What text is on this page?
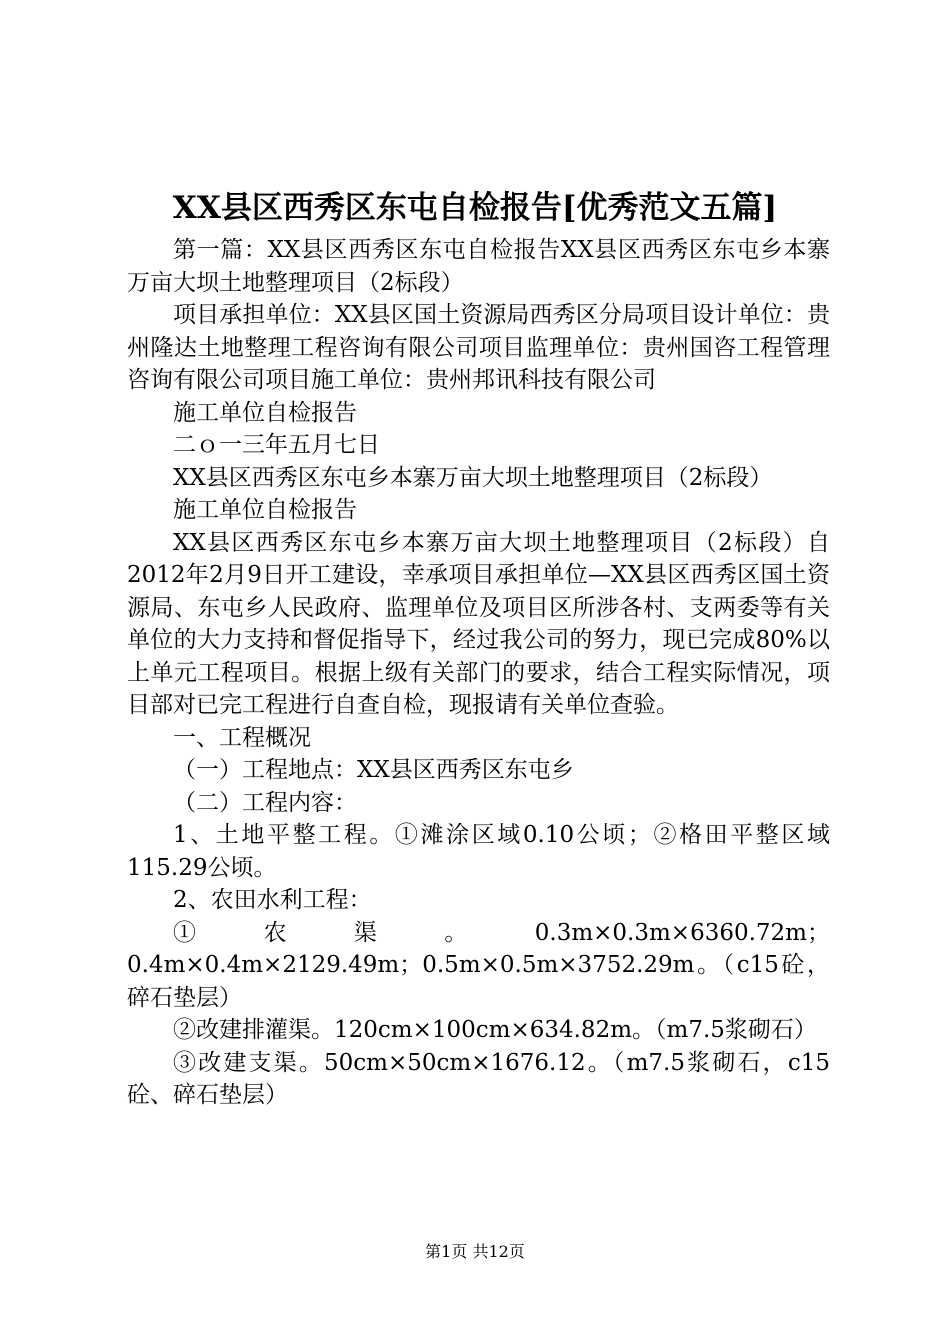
XX县区西秀区东屯自检报告[优秀范文五篇]

第一篇：XX县区西秀区东屯自检报告XX县区西秀区东屯乡本寨万亩大坝土地整理项目（2标段）

项目承担单位：XX县区国土资源局西秀区分局项目设计单位：贵州隆达土地整理工程咨询有限公司项目监理单位：贵州国咨工程管理咨询有限公司项目施工单位：贵州邦讯科技有限公司

施工单位自检报告

二ｏ一三年五月七日

XX县区西秀区东屯乡本寨万亩大坝土地整理项目（2标段）

施工单位自检报告

XX县区西秀区东屯乡本寨万亩大坝土地整理项目（2标段）自2012年2月9日开工建设，幸承项目承担单位—XX县区西秀区国土资源局、东屯乡人民政府、监理单位及项目区所涉各村、支两委等有关单位的大力支持和督促指导下，经过我公司的努力，现已完成80%以上单元工程项目。根据上级有关部门的要求，结合工程实际情况，项目部对已完工程进行自查自检，现报请有关单位查验。

一、工程概况

（一）工程地点：XX县区西秀区东屯乡

（二）工程内容：

1、土地平整工程。①滩涂区域0.10公顷；②格田平整区域115.29公顷。

2、农田水利工程：

①农渠。0.3m×0.3m×6360.72m；0.4m×0.4m×2129.49m；0.5m×0.5m×3752.29m。（c15砼，碎石垫层）

②改建排灌渠。120cm×100cm×634.82m。（m7.5浆砌石）

③改建支渠。50cm×50cm×1676.12。（m7.5浆砌石，c15砼、碎石垫层）

第1页 共12页
